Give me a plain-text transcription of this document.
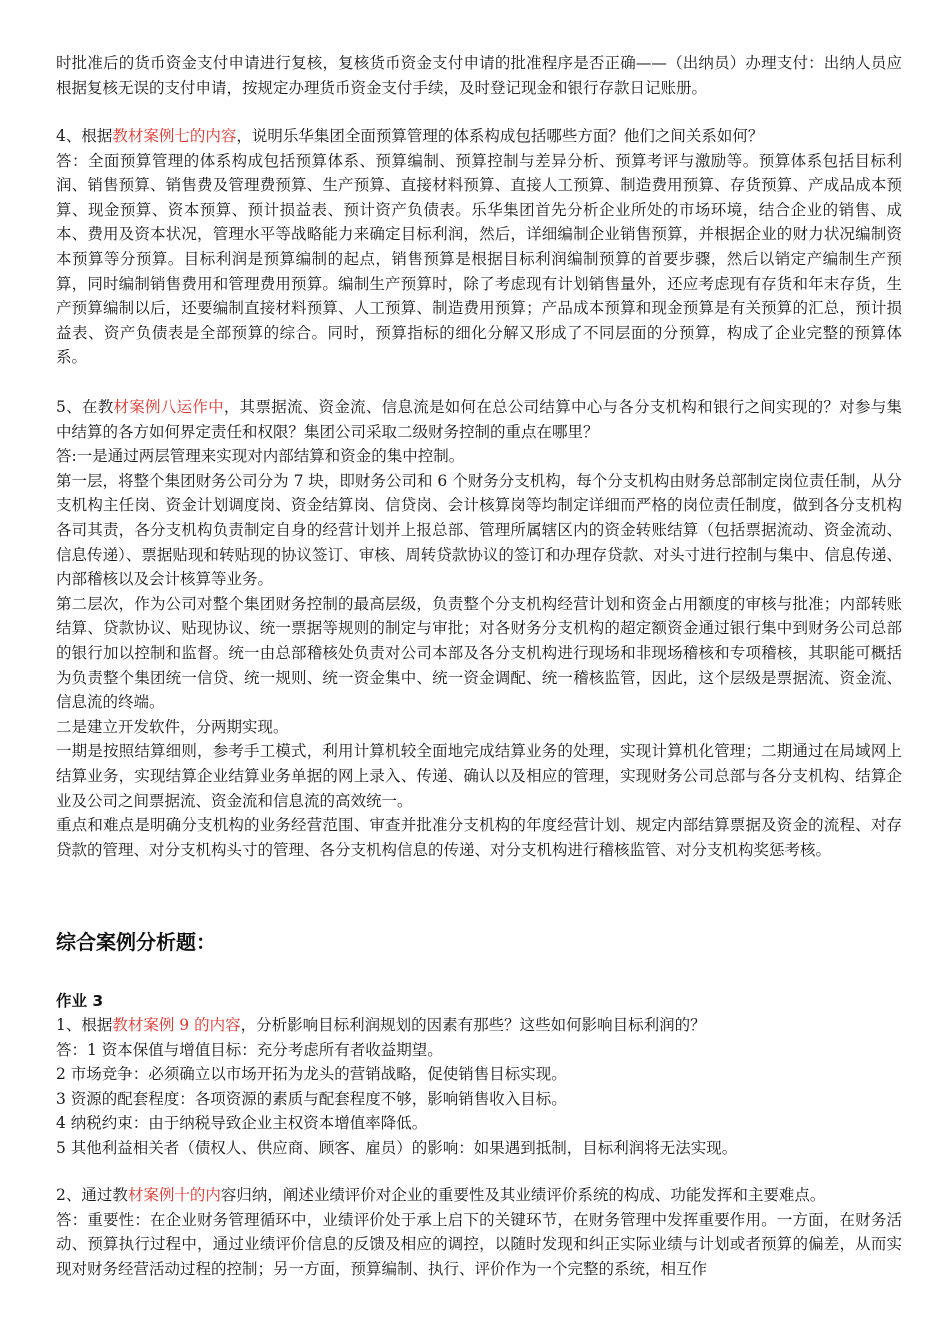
时批准后的货币资金支付申请进行复核，复核货币资金支付申请的批准程序是否正确——（出纳员）办理支付：出纳人员应根据复核无误的支付申请，按规定办理货币资金支付手续，及时登记现金和银行存款日记账册。

4、根据教材案例七的内容，说明乐华集团全面预算管理的体系构成包括哪些方面？他们之间关系如何？

答：全面预算管理的体系构成包括预算体系、预算编制、预算控制与差异分析、预算考评与激励等。预算体系包括目标利润、销售预算、销售费及管理费预算、生产预算、直接材料预算、直接人工预算、制造费用预算、存货预算、产成品成本预算、现金预算、资本预算、预计损益表、预计资产负债表。乐华集团首先分析企业所处的市场环境，结合企业的销售、成本、费用及资本状况，管理水平等战略能力来确定目标利润，然后，详细编制企业销售预算，并根据企业的财力状况编制资本预算等分预算。目标利润是预算编制的起点，销售预算是根据目标利润编制预算的首要步骤，然后以销定产编制生产预算，同时编制销售费用和管理费用预算。编制生产预算时，除了考虑现有计划销售量外，还应考虑现有存货和年末存货，生产预算编制以后，还要编制直接材料预算、人工预算、制造费用预算；产品成本预算和现金预算是有关预算的汇总，预计损益表、资产负债表是全部预算的综合。同时，预算指标的细化分解又形成了不同层面的分预算，构成了企业完整的预算体系。

5、在教材案例八运作中，其票据流、资金流、信息流是如何在总公司结算中心与各分支机构和银行之间实现的？对参与集中结算的各方如何界定责任和权限？集团公司采取二级财务控制的重点在哪里？

答:一是通过两层管理来实现对内部结算和资金的集中控制。

第一层，将整个集团财务公司分为 7 块，即财务公司和 6 个财务分支机构，每个分支机构由财务总部制定岗位责任制，从分支机构主任岗、资金计划调度岗、资金结算岗、信贷岗、会计核算岗等均制定详细而严格的岗位责任制度，做到各分支机构各司其责，各分支机构负责制定自身的经营计划并上报总部、管理所属辖区内的资金转账结算（包括票据流动、资金流动、信息传递）、票据贴现和转贴现的协议签订、审核、周转贷款协议的签订和办理存贷款、对头寸进行控制与集中、信息传递、内部稽核以及会计核算等业务。

第二层次，作为公司对整个集团财务控制的最高层级，负责整个分支机构经营计划和资金占用额度的审核与批准；内部转账结算、贷款协议、贴现协议、统一票据等规则的制定与审批；对各财务分支机构的超定额资金通过银行集中到财务公司总部的银行加以控制和监督。统一由总部稽核处负责对公司本部及各分支机构进行现场和非现场稽核和专项稽核，其职能可概括为负责整个集团统一信贷、统一规则、统一资金集中、统一资金调配、统一稽核监管，因此，这个层级是票据流、资金流、信息流的终端。

二是建立开发软件，分两期实现。

一期是按照结算细则，参考手工模式，利用计算机较全面地完成结算业务的处理，实现计算机化管理；二期通过在局域网上结算业务，实现结算企业结算业务单据的网上录入、传递、确认以及相应的管理，实现财务公司总部与各分支机构、结算企业及公司之间票据流、资金流和信息流的高效统一。

重点和难点是明确分支机构的业务经营范围、审查并批准分支机构的年度经营计划、规定内部结算票据及资金的流程、对存贷款的管理、对分支机构头寸的管理、各分支机构信息的传递、对分支机构进行稽核监管、对分支机构奖惩考核。

综合案例分析题：
作业 3

1、根据教材案例 9 的内容，分析影响目标利润规划的因素有那些？这些如何影响目标利润的？

答：1 资本保值与增值目标：充分考虑所有者收益期望。

2 市场竞争：必须确立以市场开拓为龙头的营销战略，促使销售目标实现。

3 资源的配套程度：各项资源的素质与配套程度不够，影响销售收入目标。

4 纳税约束：由于纳税导致企业主权资本增值率降低。

5 其他利益相关者（债权人、供应商、顾客、雇员）的影响：如果遇到抵制，目标利润将无法实现。

2、通过教材案例十的内容归纳，阐述业绩评价对企业的重要性及其业绩评价系统的构成、功能发挥和主要难点。

答：重要性：在企业财务管理循环中，业绩评价处于承上启下的关键环节，在财务管理中发挥重要作用。一方面，在财务活动、预算执行过程中，通过业绩评价信息的反馈及相应的调控，以随时发现和纠正实际业绩与计划或者预算的偏差，从而实现对财务经营活动过程的控制；另一方面，预算编制、执行、评价作为一个完整的系统，相互作
